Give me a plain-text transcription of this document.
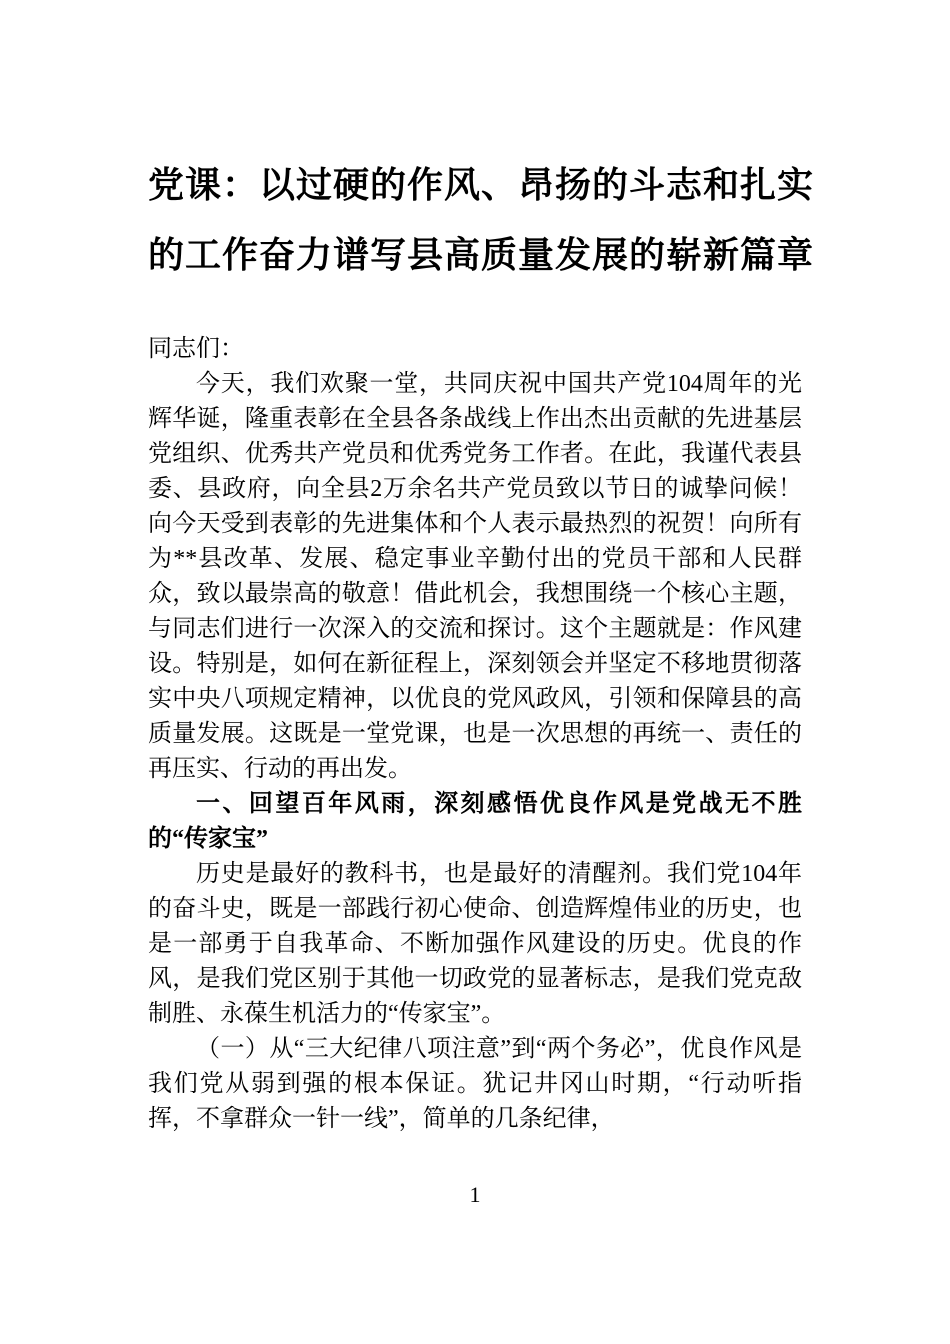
党课：以过硬的作风、昂扬的斗志和扎实
的工作奋力谱写县高质量发展的崭新篇章

同志们：

今天，我们欢聚一堂，共同庆祝中国共产党104周年的光辉华诞，隆重表彰在全县各条战线上作出杰出贡献的先进基层党组织、优秀共产党员和优秀党务工作者。在此，我谨代表县委、县政府，向全县2万余名共产党员致以节日的诚挚问候！向今天受到表彰的先进集体和个人表示最热烈的祝贺！向所有为**县改革、发展、稳定事业辛勤付出的党员干部和人民群众，致以最崇高的敬意！借此机会，我想围绕一个核心主题，与同志们进行一次深入的交流和探讨。这个主题就是：作风建设。特别是，如何在新征程上，深刻领会并坚定不移地贯彻落实中央八项规定精神，以优良的党风政风，引领和保障县的高质量发展。这既是一堂党课，也是一次思想的再统一、责任的再压实、行动的再出发。

一、回望百年风雨，深刻感悟优良作风是党战无不胜的“传家宝”

历史是最好的教科书，也是最好的清醒剂。我们党104年的奋斗史，既是一部践行初心使命、创造辉煌伟业的历史，也是一部勇于自我革命、不断加强作风建设的历史。优良的作风，是我们党区别于其他一切政党的显著标志，是我们党克敌制胜、永葆生机活力的“传家宝”。

（一）从“三大纪律八项注意”到“两个务必”，优良作风是我们党从弱到强的根本保证。犹记井冈山时期，“行动听指挥，不拿群众一针一线”，简单的几条纪律，

1
